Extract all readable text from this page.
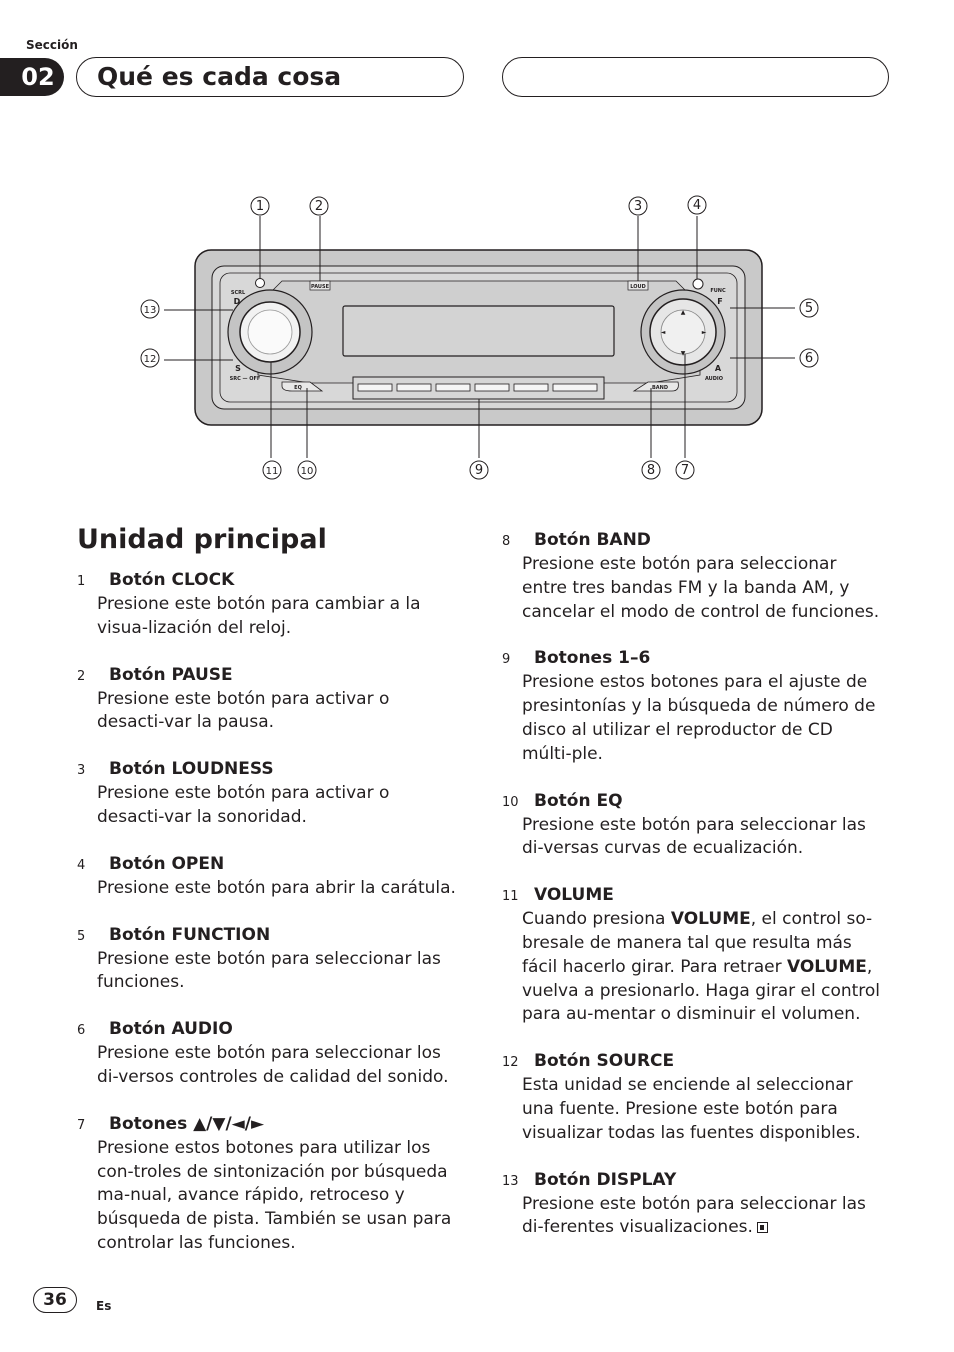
Sección
02	Qué es cada cosa
▲
▼
◄	►
PAUSE	LOUD
FUNC
F
SCRL
D
S
SRC — OFF
A
AUDIO
EQ	BAND
1	2	3	4
5
6
7
8
9
10
11
12
13
Unidad principal
1	Botón CLOCK
Presione este botón para cambiar a la visua-lización del reloj.
2	Botón PAUSE
Presione este botón para activar o desacti-var la pausa.
3	Botón LOUDNESS
Presione este botón para activar o desacti-var la sonoridad.
4	Botón OPEN
Presione este botón para abrir la carátula.
5	Botón FUNCTION
Presione este botón para seleccionar las funciones.
6	Botón AUDIO
Presione este botón para seleccionar los di-versos controles de calidad del sonido.
7	Botones ▲/▼/◄/►
Presione estos botones para utilizar los con-troles de sintonización por búsqueda ma-nual, avance rápido, retroceso y búsqueda de pista. También se usan para controlar las funciones.
8	Botón BAND
Presione este botón para seleccionar entre tres bandas FM y la banda AM, y cancelar el modo de control de funciones.
9	Botones 1–6
Presione estos botones para el ajuste de presintonías y la búsqueda de número de disco al utilizar el reproductor de CD múlti-ple.
10 Botón EQ
Presione este botón para seleccionar las di-versas curvas de ecualización.
11 VOLUME
Cuando presiona VOLUME, el control so-bresale de manera tal que resulta más fácil hacerlo girar. Para retraer VOLUME, vuelva a presionarlo. Haga girar el control para au-mentar o disminuir el volumen.
12 Botón SOURCE
Esta unidad se enciende al seleccionar una fuente. Presione este botón para visualizar todas las fuentes disponibles.
13 Botón DISPLAY
Presione este botón para seleccionar las di-ferentes visualizaciones.
36	Es
